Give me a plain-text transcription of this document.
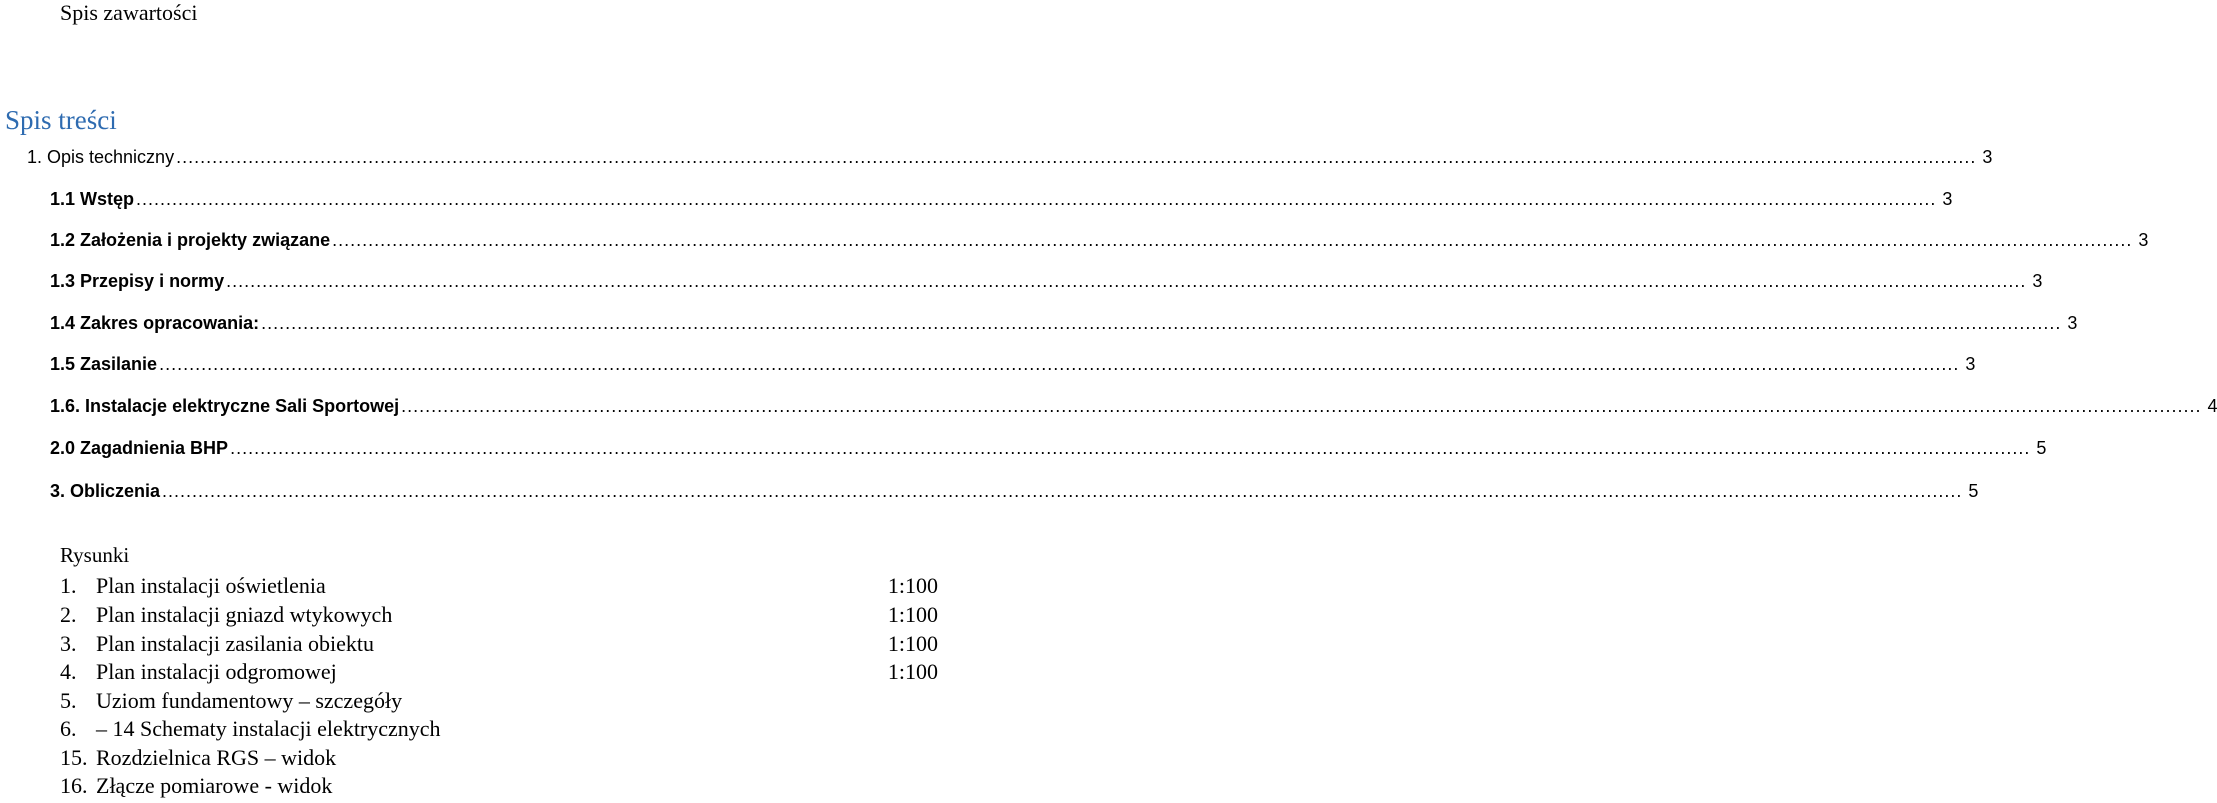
Spis zawartości
Spis treści
1. Opis techniczny ............................................................................................................................................................................................................................................................................................................ 3
1.1 Wstęp ............................................................................................................................................................................................................................................................................................................ 3
1.2 Założenia i projekty związane ............................................................................................................................................................................................................................................................................................................ 3
1.3 Przepisy i normy ............................................................................................................................................................................................................................................................................................................ 3
1.4 Zakres opracowania: ............................................................................................................................................................................................................................................................................................................ 3
1.5 Zasilanie ............................................................................................................................................................................................................................................................................................................ 3
1.6. Instalacje elektryczne Sali Sportowej ............................................................................................................................................................................................................................................................................................................ 4
2.0 Zagadnienia BHP ............................................................................................................................................................................................................................................................................................................ 5
3. Obliczenia ............................................................................................................................................................................................................................................................................................................ 5
Rysunki
1. Plan instalacji oświetlenia	1:100
2. Plan instalacji gniazd wtykowych	1:100
3. Plan instalacji zasilania obiektu	1:100
4. Plan instalacji odgromowej	1:100
5. Uziom fundamentowy – szczegóły
6. – 14 Schematy instalacji elektrycznych
15. Rozdzielnica RGS – widok
16. Złącze pomiarowe - widok
